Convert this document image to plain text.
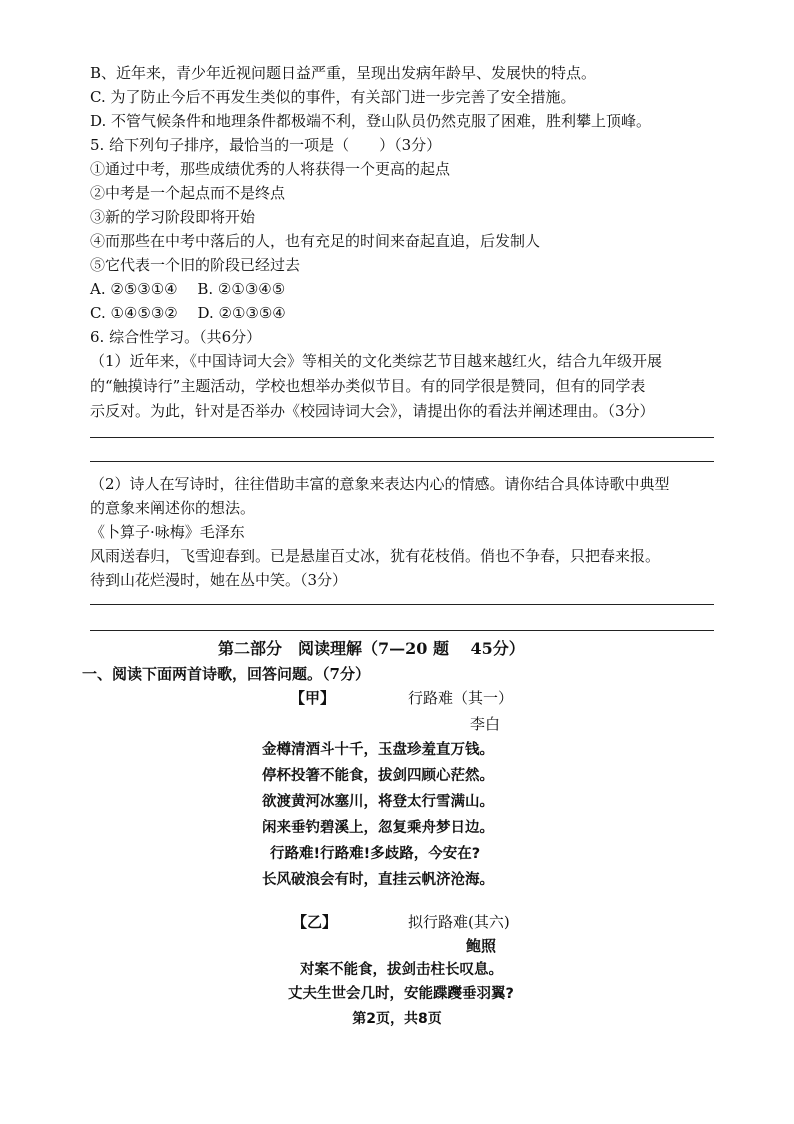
B、近年来，青少年近视问题日益严重，呈现出发病年龄早、发展快的特点。
C. 为了防止今后不再发生类似的事件，有关部门进一步完善了安全措施。
D. 不管气候条件和地理条件都极端不利，登山队员仍然克服了困难，胜利攀上顶峰。
5. 给下列句子排序，最恰当的一项是（　　）（3分）
①通过中考，那些成绩优秀的人将获得一个更高的起点
②中考是一个起点而不是终点
③新的学习阶段即将开始
④而那些在中考中落后的人，也有充足的时间来奋起直追，后发制人
⑤它代表一个旧的阶段已经过去
A. ②⑤③①④　 B. ②①③④⑤
C. ①④⑤③②　 D. ②①③⑤④
6. 综合性学习。（共6分）
（1）近年来，《中国诗词大会》等相关的文化类综艺节目越来越红火，结合九年级开展
的“触摸诗行”主题活动，学校也想举办类似节目。有的同学很是赞同，但有的同学表
示反对。为此，针对是否举办《校园诗词大会》，请提出你的看法并阐述理由。（3分）
（2）诗人在写诗时，往往借助丰富的意象来表达内心的情感。请你结合具体诗歌中典型
的意象来阐述你的想法。
《卜算子·咏梅》毛泽东
风雨送春归，飞雪迎春到。已是悬崖百丈冰，犹有花枝俏。俏也不争春，只把春来报。
待到山花烂漫时，她在丛中笑。（3分）
第二部分　阅读理解（7—20 题　 45分）
一、阅读下面两首诗歌，回答问题。（7分）
【甲】	行路难（其一）
李白
金樽清酒斗十千，玉盘珍羞直万钱。
停杯投箸不能食，拔剑四顾心茫然。
欲渡黄河冰塞川，将登太行雪满山。
闲来垂钓碧溪上，忽复乘舟梦日边。
行路难!行路难!多歧路，今安在?
长风破浪会有时，直挂云帆济沧海。
【乙】	拟行路难(其六)
鲍照
对案不能食，拔剑击柱长叹息。
丈夫生世会几时，安能蹀躞垂羽翼?
第2页，共8页
